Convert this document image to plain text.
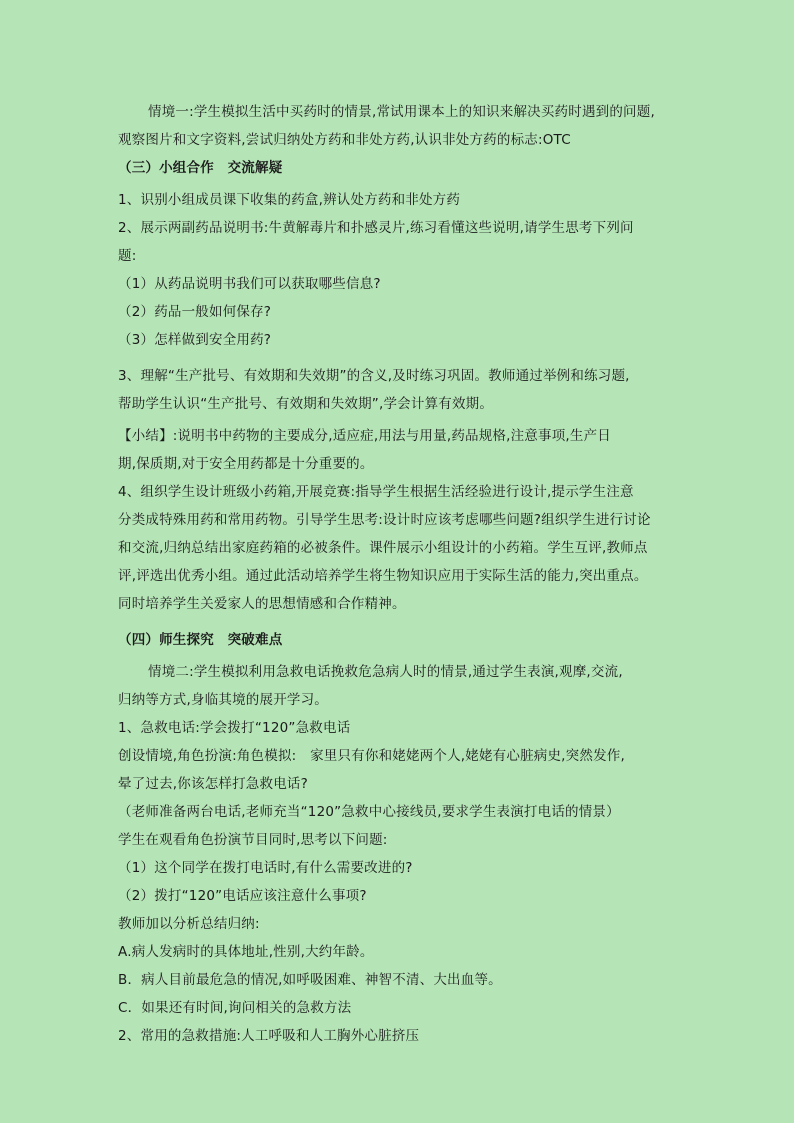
情境一:学生模拟生活中买药时的情景,常试用课本上的知识来解决买药时遇到的问题,
观察图片和文字资料,尝试归纳处方药和非处方药,认识非处方药的标志:OTC
（三）小组合作　交流解疑
1、识别小组成员课下收集的药盒,辨认处方药和非处方药
2、展示两副药品说明书:牛黄解毒片和扑感灵片,练习看懂这些说明,请学生思考下列问
题:
（1）从药品说明书我们可以获取哪些信息?
（2）药品一般如何保存?
（3）怎样做到安全用药?
3、理解“生产批号、有效期和失效期”的含义,及时练习巩固。教师通过举例和练习题,
帮助学生认识“生产批号、有效期和失效期”,学会计算有效期。
【小结】:说明书中药物的主要成分,适应症,用法与用量,药品规格,注意事项,生产日
期,保质期,对于安全用药都是十分重要的。
4、组织学生设计班级小药箱,开展竞赛:指导学生根据生活经验进行设计,提示学生注意
分类成特殊用药和常用药物。引导学生思考:设计时应该考虑哪些问题?组织学生进行讨论
和交流,归纳总结出家庭药箱的必被条件。课件展示小组设计的小药箱。学生互评,教师点
评,评选出优秀小组。通过此活动培养学生将生物知识应用于实际生活的能力,突出重点。
同时培养学生关爱家人的思想情感和合作精神。
（四）师生探究　突破难点
情境二:学生模拟利用急救电话挽救危急病人时的情景,通过学生表演,观摩,交流,
归纳等方式,身临其境的展开学习。
1、急救电话:学会拨打“120”急救电话
创设情境,角色扮演:角色模拟:　家里只有你和姥姥两个人,姥姥有心脏病史,突然发作,
晕了过去,你该怎样打急救电话?
（老师准备两台电话,老师充当“120”急救中心接线员,要求学生表演打电话的情景）
学生在观看角色扮演节目同时,思考以下问题:
（1）这个同学在拨打电话时,有什么需要改进的?
（2）拨打“120”电话应该注意什么事项?
教师加以分析总结归纳:
A.病人发病时的具体地址,性别,大约年龄。
B．病人目前最危急的情况,如呼吸困难、神智不清、大出血等。
C．如果还有时间,询问相关的急救方法
2、常用的急救措施:人工呼吸和人工胸外心脏挤压
